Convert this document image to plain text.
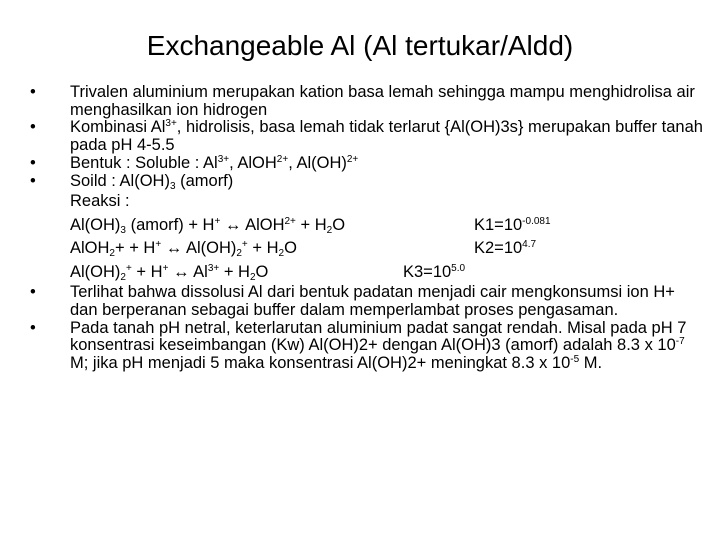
Exchangeable Al (Al tertukar/Aldd)
• Trivalen aluminium merupakan kation basa lemah sehingga mampu menghidrolisa air menghasilkan ion hidrogen
• Kombinasi $Al^{3+}$, hidrolisis, basa lemah tidak terlarut {Al(OH)3s} merupakan buffer tanah pada pH 4-5.5
• Bentuk : Soluble : $Al^{3+}$, AlOH$^{2+}$, Al(OH)$^{2+}$
• Soild : $Al(OH)_3$ (amorf)
Reaksi :
$Al(OH)_3$ (amorf) + H+ ↔ AlOH$^{2+}$ + $H_2O$	$K1=10^{-0.081}$
AlOH$_2$+ + H+ ↔ $Al(OH)_2^+ + H_2O$	$K2=10^{4.7}$
$Al(OH)_2^+ + H^+$ ↔ $Al^{3+} + H_2O$	$K3=10^{5.0}$
• Terlihat bahwa dissolusi Al dari bentuk padatan menjadi cair mengkonsumsi ion H+ dan berperanan sebagai buffer dalam memperlambat proses pengasaman.
• Pada tanah pH netral, keterlarutan aluminium padat sangat rendah. Misal pada pH 7 konsentrasi keseimbangan (Kw) Al(OH)2+ dengan Al(OH)3 (amorf) adalah 8.3 x $10^{-7}$ M; jika pH menjadi 5 maka konsentrasi Al(OH)2+ meningkat 8.3 x $10^{-5}$ M.
